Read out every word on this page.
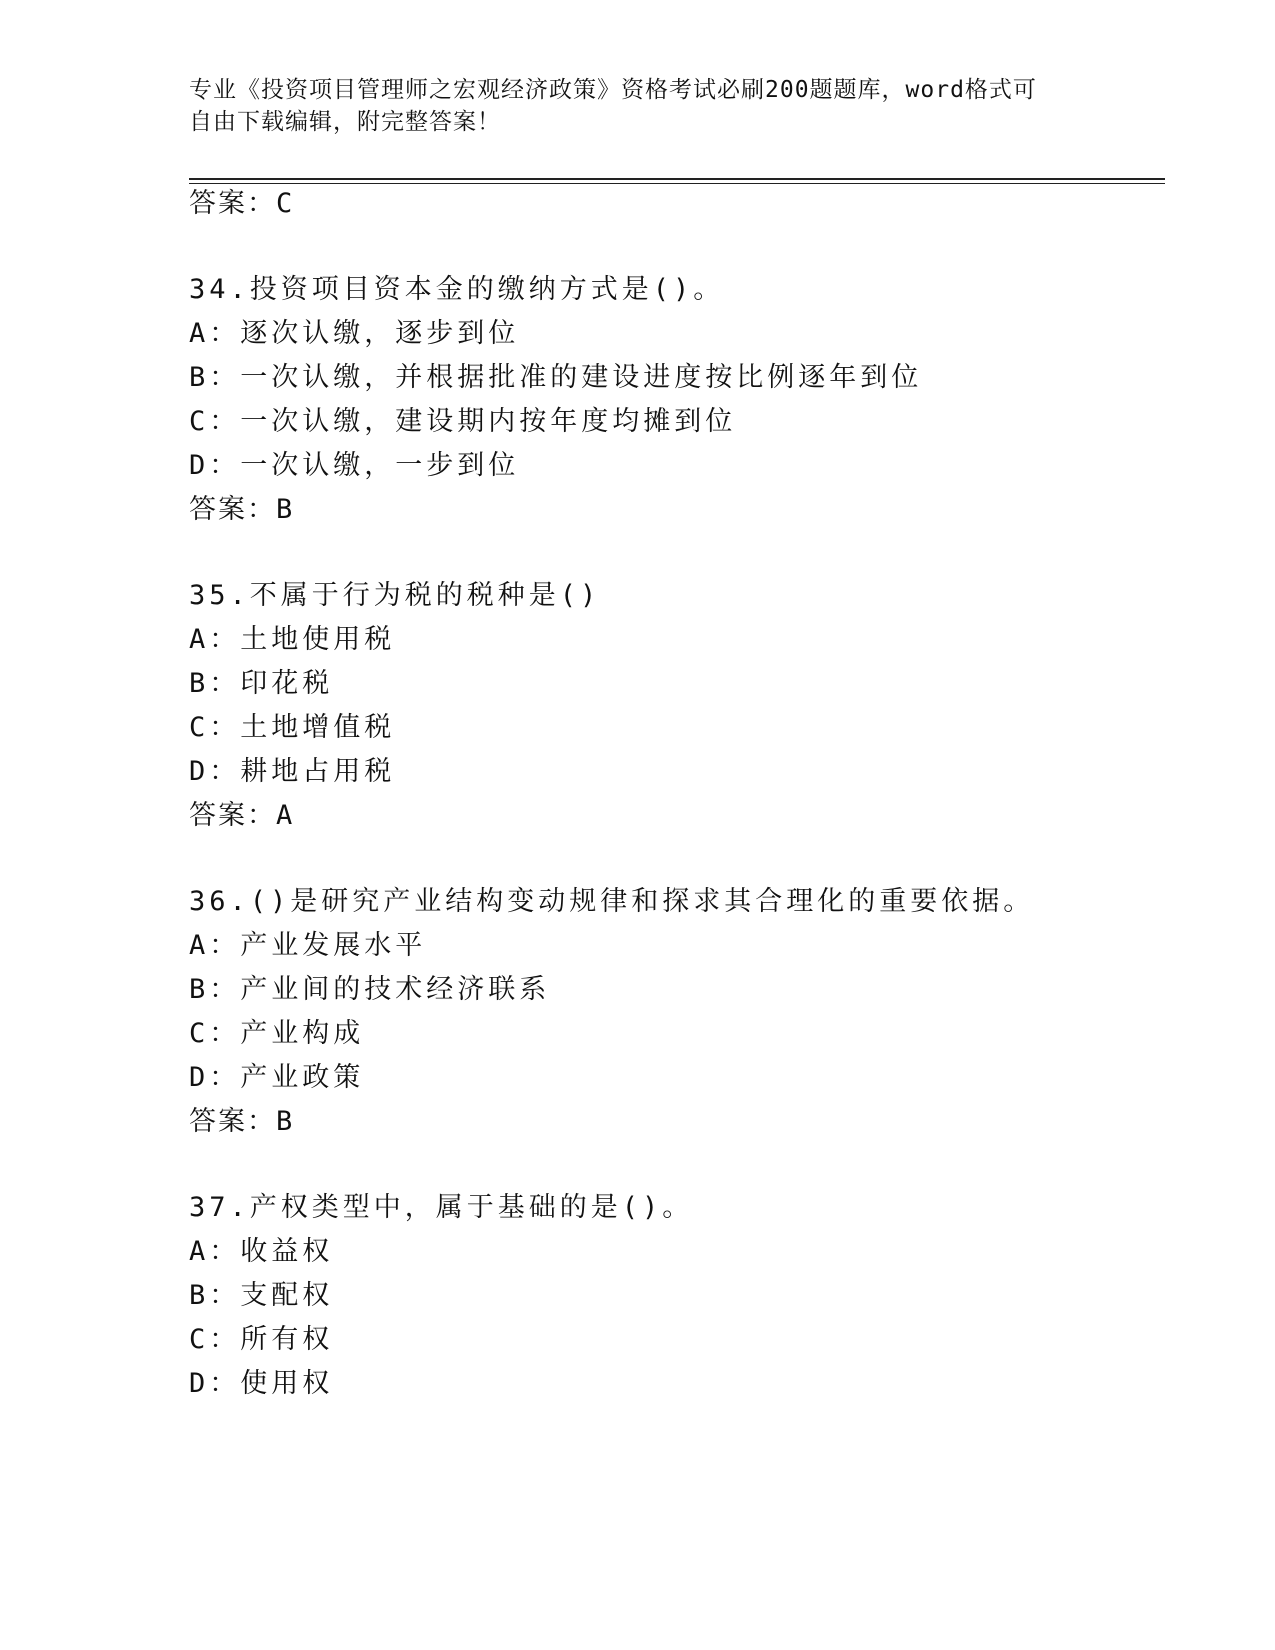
专业《投资项目管理师之宏观经济政策》资格考试必刷200题题库，word格式可
自由下载编辑，附完整答案！
答案：C
34.投资项目资本金的缴纳方式是()。
A：逐次认缴，逐步到位
B：一次认缴，并根据批准的建设进度按比例逐年到位
C：一次认缴，建设期内按年度均摊到位
D：一次认缴，一步到位
答案：B
35.不属于行为税的税种是()
A：土地使用税
B：印花税
C：土地增值税
D：耕地占用税
答案：A
36.()是研究产业结构变动规律和探求其合理化的重要依据。
A：产业发展水平
B：产业间的技术经济联系
C：产业构成
D：产业政策
答案：B
37.产权类型中，属于基础的是()。
A：收益权
B：支配权
C：所有权
D：使用权
